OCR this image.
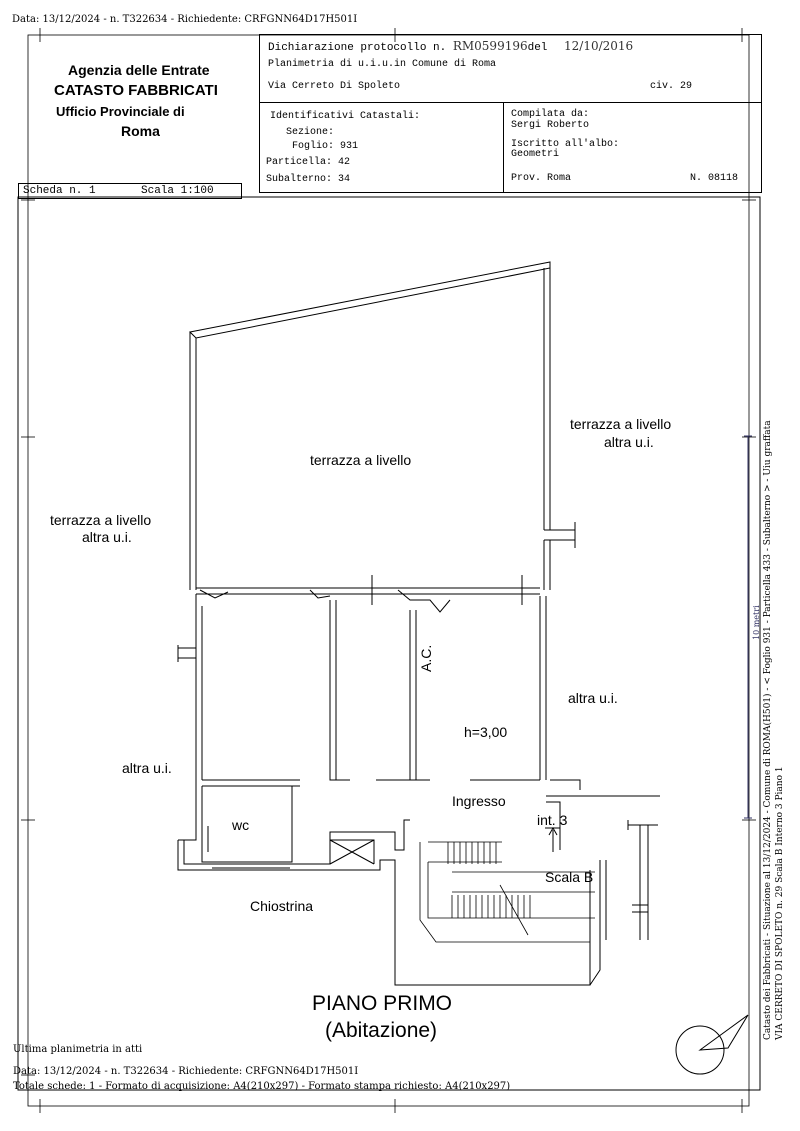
Data: 13/12/2024 - n. T322634 - Richiedente: CRFGNN64D17H501I
Agenzia delle Entrate
CATASTO FABBRICATI
Ufficio Provinciale di
Roma
Scheda n. 1	Scala 1:100
Dichiarazione protocollo n. RM0599196del 12/10/2016
Planimetria di u.i.u.in Comune di Roma
Via Cerreto Di Spoleto	civ. 29
Identificativi Catastali:
Sezione:
Foglio: 931
Particella: 42
Subalterno: 34
Compilata da:
Sergi Roberto
Iscritto all'albo:
Geometri
Prov. Roma	N. 08118
terrazza a livello
terrazza a livello
altra u.i.
terrazza a livello
altra u.i.
A.C.
altra u.i.
h=3,00
altra u.i.
Ingresso
int. 3
wc
Scala B
Chiostrina
PIANO PRIMO
(Abitazione)
Ultima planimetria in atti
Data: 13/12/2024 - n. T322634 - Richiedente: CRFGNN64D17H501I
Totale schede: 1 - Formato di acquisizione: A4(210x297) - Formato stampa richiesto: A4(210x297)
Catasto dei Fabbricati - Situazione al 13/12/2024 - Comune di ROMA(H501) - < Foglio 931 - Particella 433 - Subalterno > - Uiu graffata VIA CERRETO DI SPOLETO n. 29 Scala B Interno 3 Piano 1
10 metri
